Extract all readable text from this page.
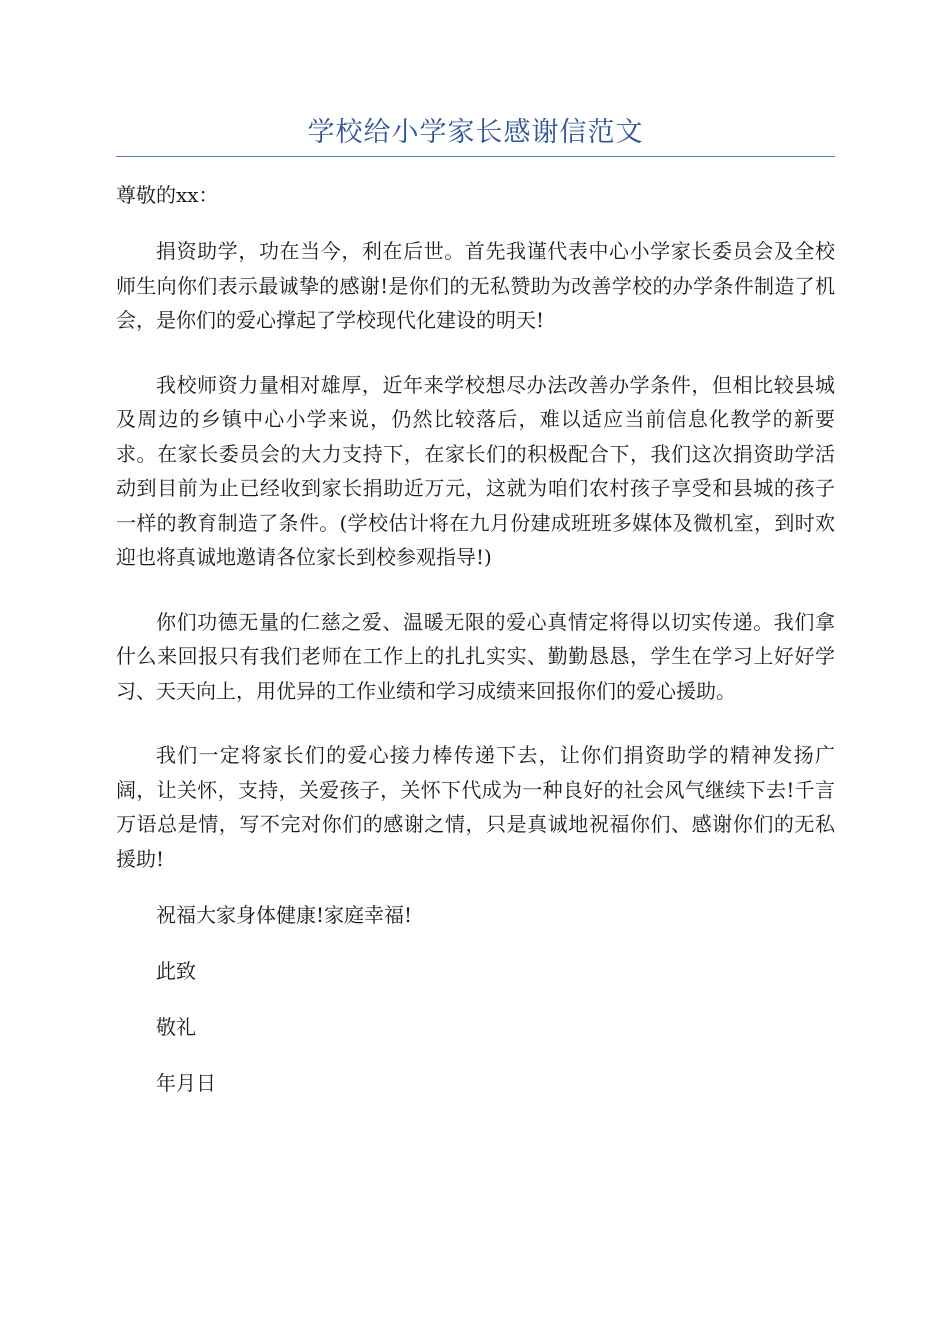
学校给小学家长感谢信范文

尊敬的xx：

捐资助学，功在当今，利在后世。首先我谨代表中心小学家长委员会及全校师生向你们表示最诚挚的感谢!是你们的无私赞助为改善学校的办学条件制造了机会，是你们的爱心撑起了学校现代化建设的明天!

我校师资力量相对雄厚，近年来学校想尽办法改善办学条件，但相比较县城及周边的乡镇中心小学来说，仍然比较落后，难以适应当前信息化教学的新要求。在家长委员会的大力支持下，在家长们的积极配合下，我们这次捐资助学活动到目前为止已经收到家长捐助近万元，这就为咱们农村孩子享受和县城的孩子一样的教育制造了条件。(学校估计将在九月份建成班班多媒体及微机室，到时欢迎也将真诚地邀请各位家长到校参观指导!)

你们功德无量的仁慈之爱、温暖无限的爱心真情定将得以切实传递。我们拿什么来回报只有我们老师在工作上的扎扎实实、勤勤恳恳，学生在学习上好好学习、天天向上，用优异的工作业绩和学习成绩来回报你们的爱心援助。

我们一定将家长们的爱心接力棒传递下去，让你们捐资助学的精神发扬广阔，让关怀，支持，关爱孩子，关怀下代成为一种良好的社会风气继续下去!千言万语总是情，写不完对你们的感谢之情，只是真诚地祝福你们、感谢你们的无私援助!

祝福大家身体健康!家庭幸福!

此致

敬礼

年月日
